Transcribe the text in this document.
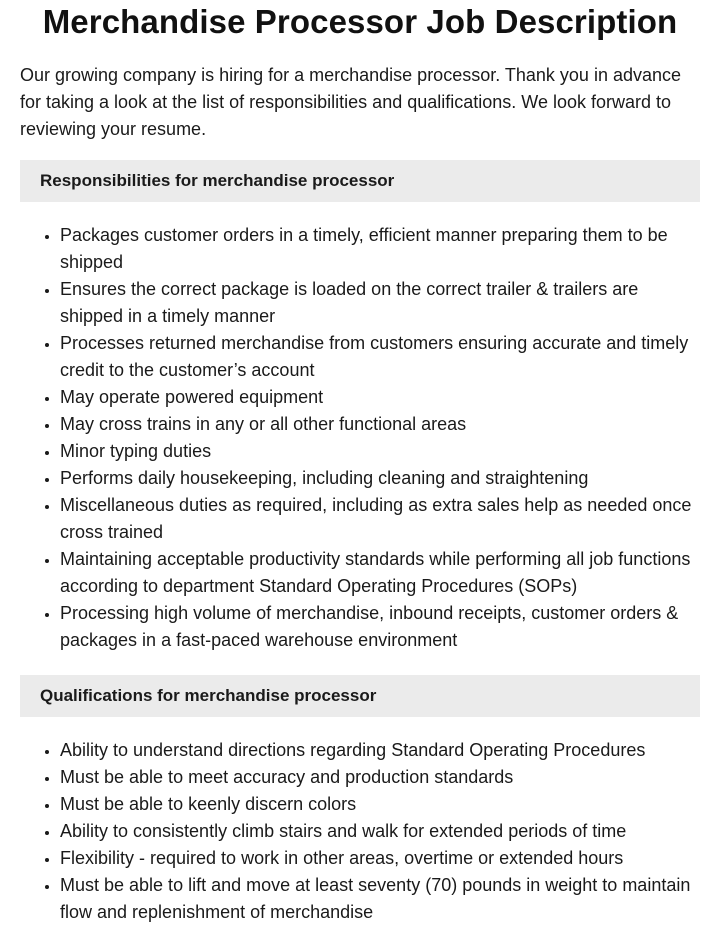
Merchandise Processor Job Description

Our growing company is hiring for a merchandise processor. Thank you in advance for taking a look at the list of responsibilities and qualifications. We look forward to reviewing your resume.

Responsibilities for merchandise processor
• Packages customer orders in a timely, efficient manner preparing them to be shipped
• Ensures the correct package is loaded on the correct trailer & trailers are shipped in a timely manner
• Processes returned merchandise from customers ensuring accurate and timely credit to the customer’s account
• May operate powered equipment
• May cross trains in any or all other functional areas
• Minor typing duties
• Performs daily housekeeping, including cleaning and straightening
• Miscellaneous duties as required, including as extra sales help as needed once cross trained
• Maintaining acceptable productivity standards while performing all job functions according to department Standard Operating Procedures (SOPs)
• Processing high volume of merchandise, inbound receipts, customer orders & packages in a fast-paced warehouse environment
Qualifications for merchandise processor
• Ability to understand directions regarding Standard Operating Procedures
• Must be able to meet accuracy and production standards
• Must be able to keenly discern colors
• Ability to consistently climb stairs and walk for extended periods of time
• Flexibility - required to work in other areas, overtime or extended hours
• Must be able to lift and move at least seventy (70) pounds in weight to maintain flow and replenishment of merchandise
